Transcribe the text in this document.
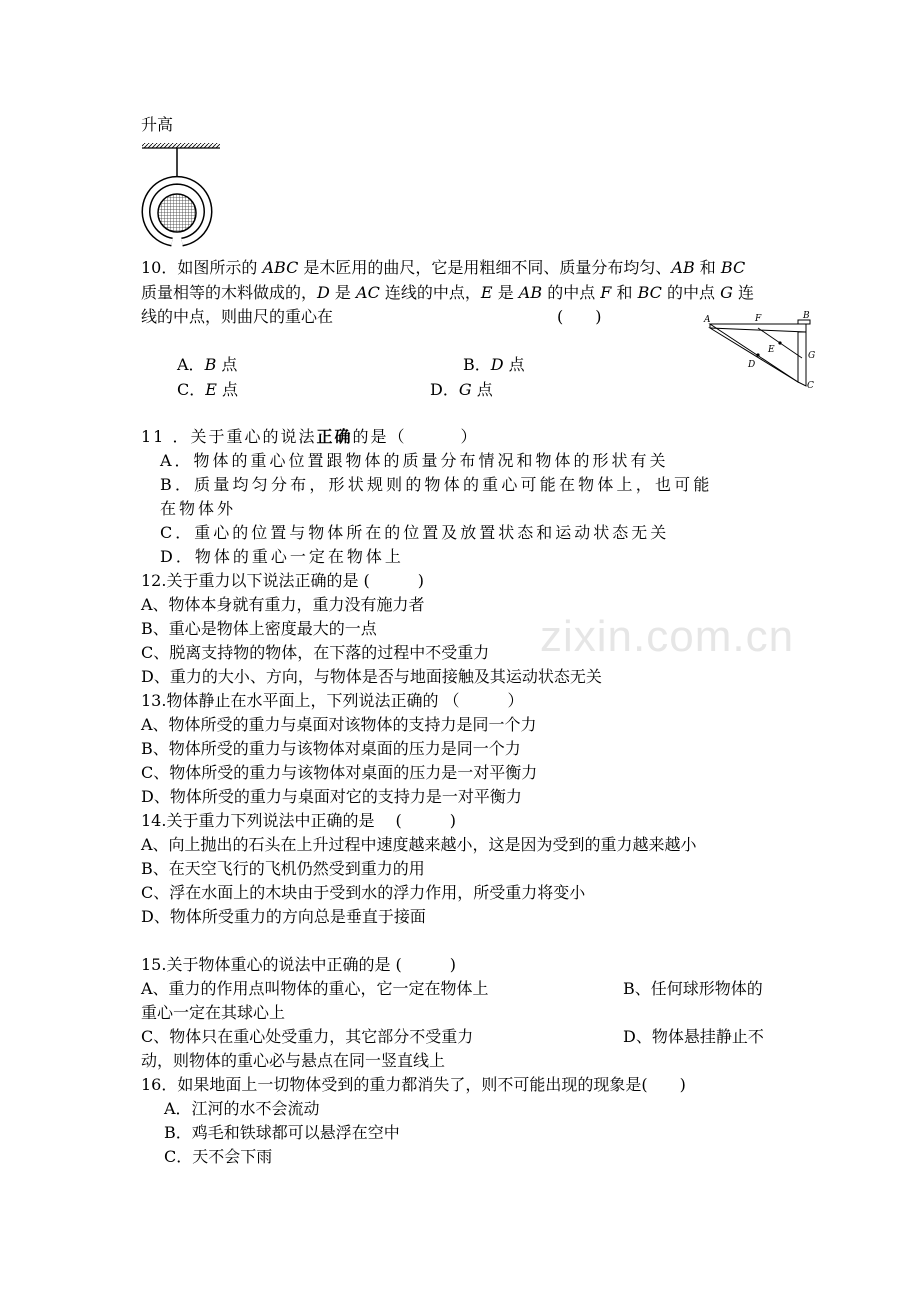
zixin.com.cn
升高
10．如图所示的 ABC 是木匠用的曲尺，它是用粗细不同、质量分布均匀、AB 和 BC
质量相等的木料做成的，D 是 AC 连线的中点，E 是 AB 的中点 F 和 BC 的中点 G 连
线的中点，则曲尺的重心在	(　　)
A．B 点	B．D 点
C．E 点	D．G 点
A	F	B
E
G
D
C
11 ．关于重心的说法正确的是（　　　）
A．物体的重心位置跟物体的质量分布情况和物体的形状有关
B．质量均匀分布，形状规则的物体的重心可能在物体上，也可能
在物体外
C．重心的位置与物体所在的位置及放置状态和运动状态无关
D．物体的重心一定在物体上
12.关于重力以下说法正确的是 (　　　)
A、物体本身就有重力，重力没有施力者
B、重心是物体上密度最大的一点
C、脱离支持物的物体，在下落的过程中不受重力
D、重力的大小、方向，与物体是否与地面接触及其运动状态无关
13.物体静止在水平面上，下列说法正确的 （　　　）
A、物体所受的重力与桌面对该物体的支持力是同一个力
B、物体所受的重力与该物体对桌面的压力是同一个力
C、物体所受的重力与该物体对桌面的压力是一对平衡力
D、物体所受的重力与桌面对它的支持力是一对平衡力
14.关于重力下列说法中正确的是　 (　　　)
A、向上抛出的石头在上升过程中速度越来越小，这是因为受到的重力越来越小
B、在天空飞行的飞机仍然受到重力的用
C、浮在水面上的木块由于受到水的浮力作用，所受重力将变小
D、物体所受重力的方向总是垂直于接面
15.关于物体重心的说法中正确的是 (　　　)
A、重力的作用点叫物体的重心，它一定在物体上	B、任何球形物体的
重心一定在其球心上
C、物体只在重心处受重力，其它部分不受重力	D、物体悬挂静止不
动，则物体的重心必与悬点在同一竖直线上
16．如果地面上一切物体受到的重力都消失了，则不可能出现的现象是(　　)
A．江河的水不会流动
B．鸡毛和铁球都可以悬浮在空中
C．天不会下雨
